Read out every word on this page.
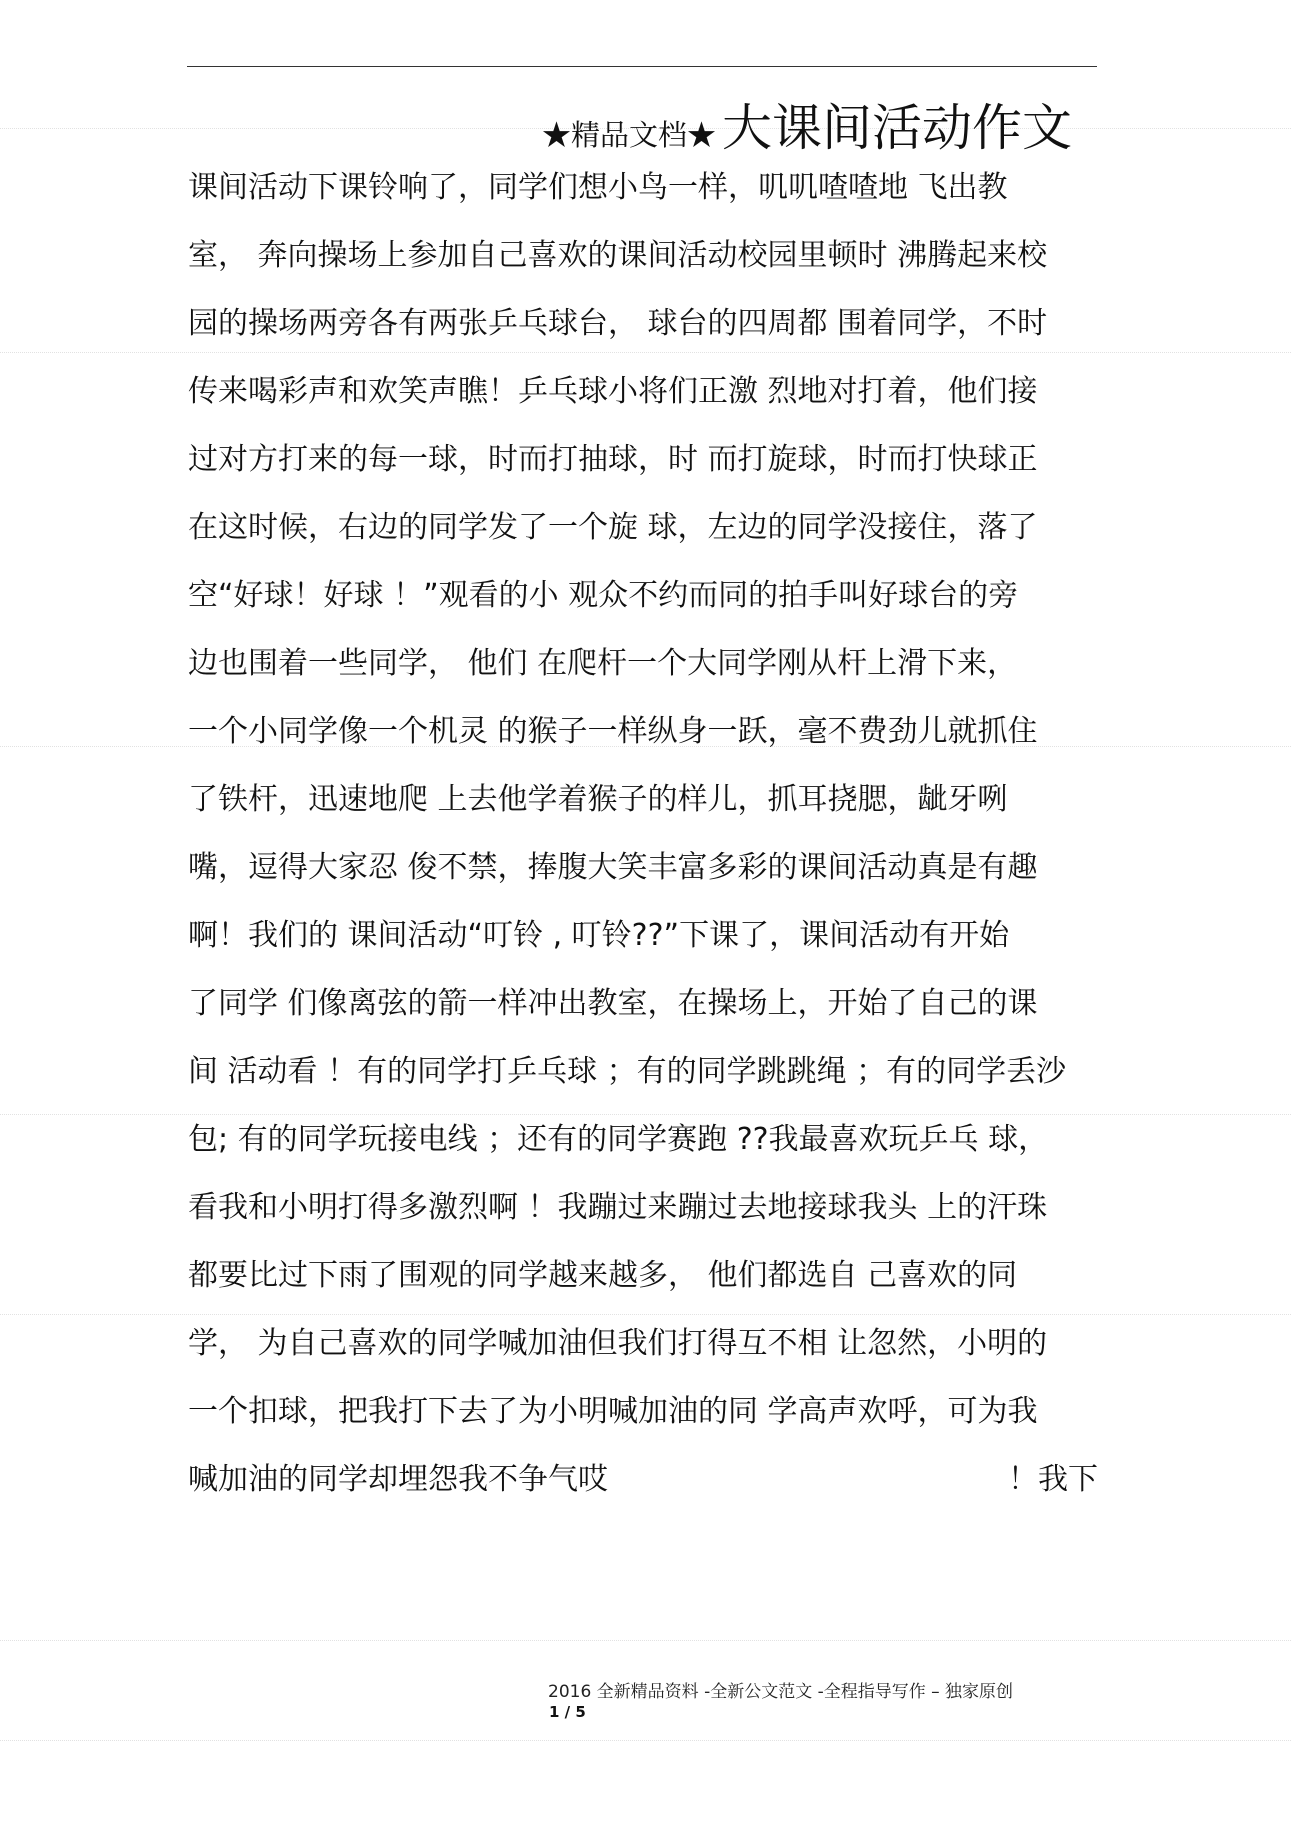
★精品文档★ 大课间活动作文
课间活动下课铃响了，同学们想小鸟一样，叽叽喳喳地 飞出教
室， 奔向操场上参加自己喜欢的课间活动校园里顿时 沸腾起来校
园的操场两旁各有两张乒乓球台， 球台的四周都 围着同学，不时
传来喝彩声和欢笑声瞧！乒乓球小将们正激 烈地对打着，他们接
过对方打来的每一球，时而打抽球，时 而打旋球，时而打快球正
在这时候，右边的同学发了一个旋 球，左边的同学没接住，落了
空“好球！好球 ！”观看的小 观众不约而同的拍手叫好球台的旁
边也围着一些同学， 他们 在爬杆一个大同学刚从杆上滑下来，
一个小同学像一个机灵 的猴子一样纵身一跃，毫不费劲儿就抓住
了铁杆，迅速地爬 上去他学着猴子的样儿，抓耳挠腮，龇牙咧
嘴，逗得大家忍 俊不禁，捧腹大笑丰富多彩的课间活动真是有趣
啊！我们的 课间活动“叮铃 , 叮铃??”下课了，课间活动有开始
了同学 们像离弦的箭一样冲出教室，在操场上，开始了自己的课
间 活动看 ！有的同学打乒乓球 ；有的同学跳跳绳 ；有的同学丢沙
包; 有的同学玩接电线 ；还有的同学赛跑 ??我最喜欢玩乒乓 球，
看我和小明打得多激烈啊 ！我蹦过来蹦过去地接球我头 上的汗珠
都要比过下雨了围观的同学越来越多， 他们都选自 己喜欢的同
学， 为自己喜欢的同学喊加油但我们打得互不相 让忽然，小明的
一个扣球，把我打下去了为小明喊加油的同 学高声欢呼，可为我
喊加油的同学却埋怨我不争气哎	！我下
2016 全新精品资料 -全新公文范文 -全程指导写作 – 独家原创
1 / 5
